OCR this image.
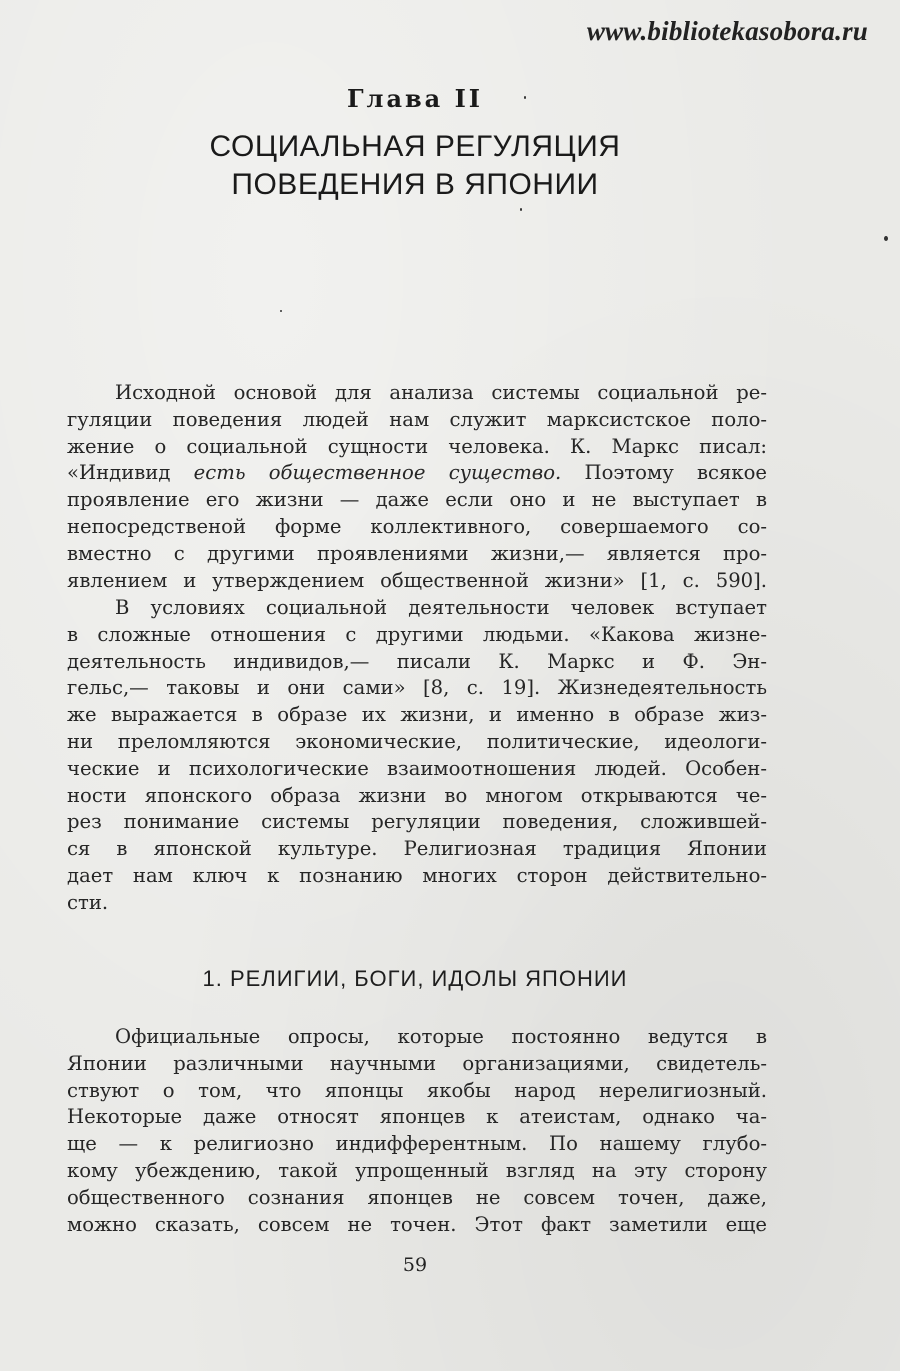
www.bibliotekasobora.ru
Глава II
СОЦИАЛЬНАЯ РЕГУЛЯЦИЯ
ПОВЕДЕНИЯ В ЯПОНИИ
Исходной основой для анализа системы социальной ре-
гуляции поведения людей нам служит марксистское поло-
жение о социальной сущности человека. К. Маркс писал:
«Индивид есть общественное существо. Поэтому всякое
проявление его жизни — даже если оно и не выступает в
непосредственой форме коллективного, совершаемого со-
вместно с другими проявлениями жизни,— является про-
явлением и утверждением общественной жизни» [1, с. 590].
В условиях социальной деятельности человек вступает
в сложные отношения с другими людьми. «Какова жизне-
деятельность индивидов,— писали К. Маркс и Ф. Эн-
гельс,— таковы и они сами» [8, с. 19]. Жизнедеятельность
же выражается в образе их жизни, и именно в образе жиз-
ни преломляются экономические, политические, идеологи-
ческие и психологические взаимоотношения людей. Особен-
ности японского образа жизни во многом открываются че-
рез понимание системы регуляции поведения, сложившей-
ся в японской культуре. Религиозная традиция Японии
дает нам ключ к познанию многих сторон действительно-
сти.
1. РЕЛИГИИ, БОГИ, ИДОЛЫ ЯПОНИИ
Официальные опросы, которые постоянно ведутся в
Японии различными научными организациями, свидетель-
ствуют о том, что японцы якобы народ нерелигиозный.
Некоторые даже относят японцев к атеистам, однако ча-
ще — к религиозно индифферентным. По нашему глубо-
кому убеждению, такой упрощенный взгляд на эту сторону
общественного сознания японцев не совсем точен, даже,
можно сказать, совсем не точен. Этот факт заметили еще
59
